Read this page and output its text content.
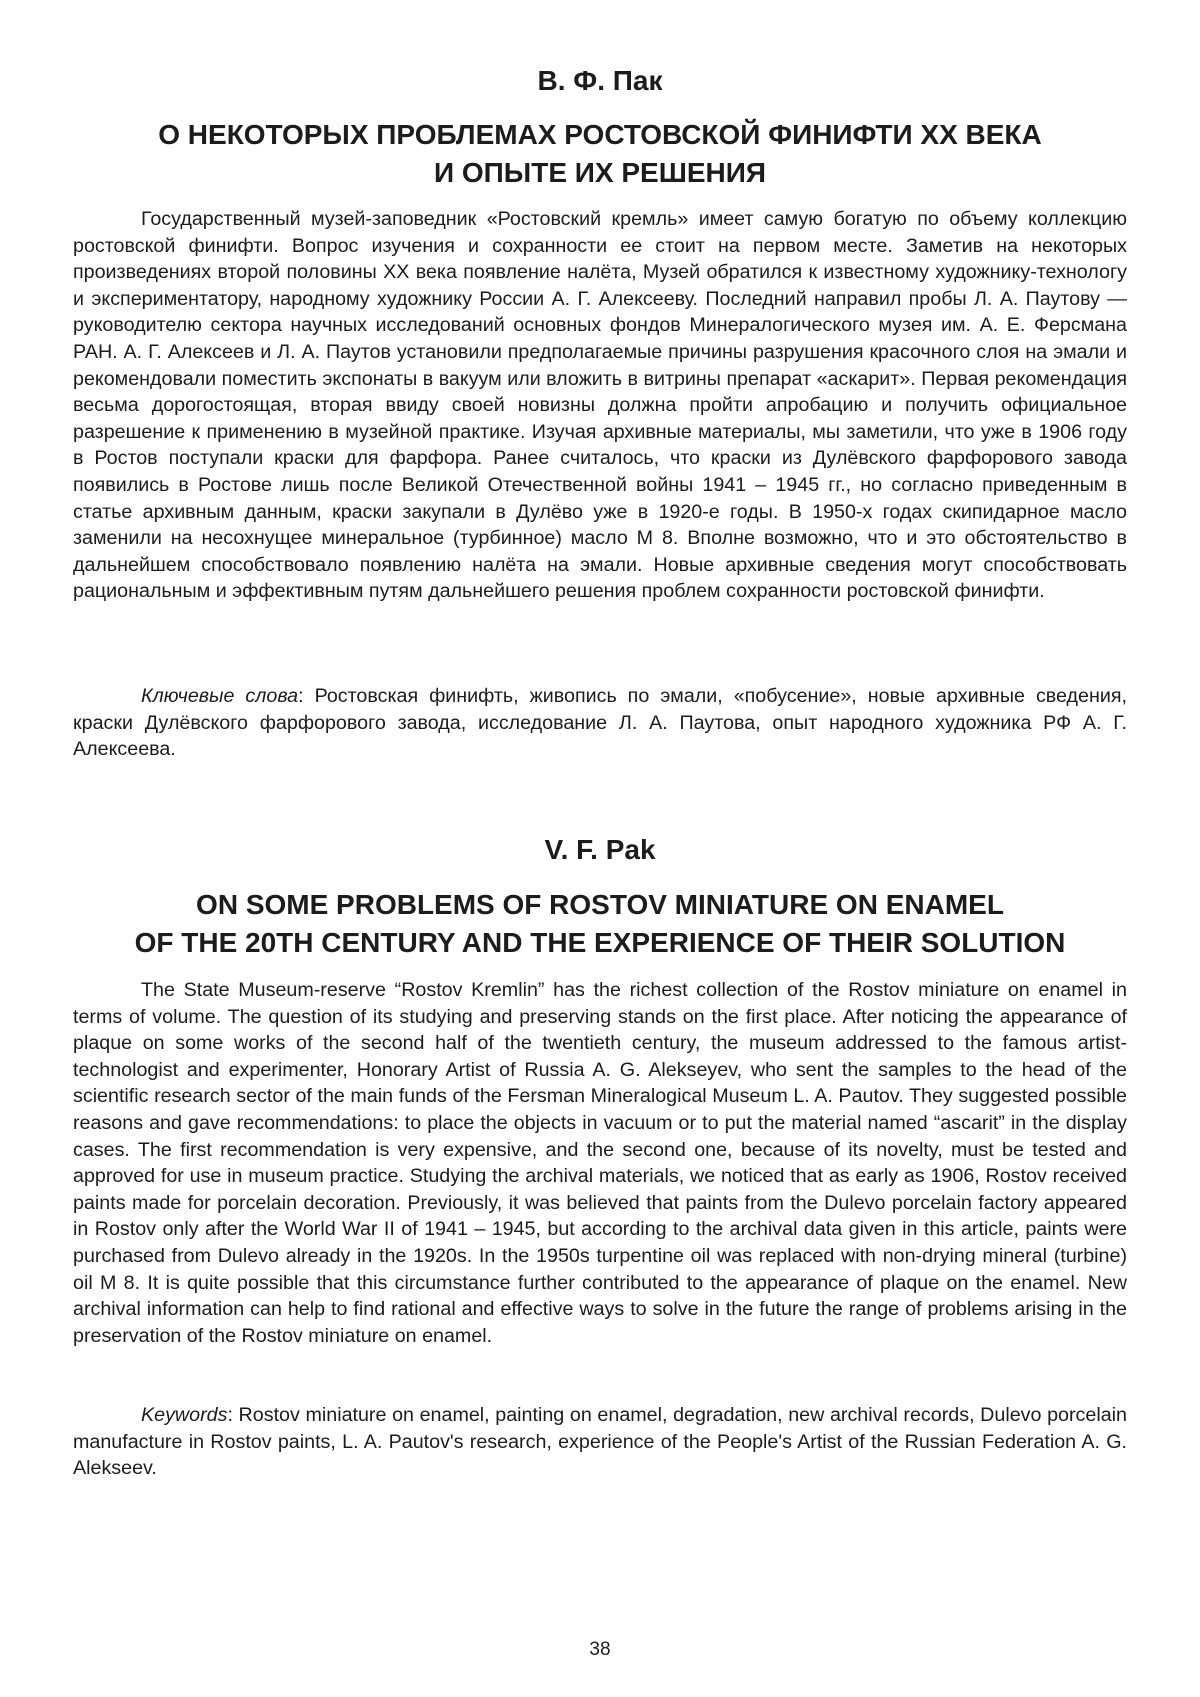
В. Ф. Пак
О НЕКОТОРЫХ ПРОБЛЕМАХ РОСТОВСКОЙ ФИНИФТИ XX ВЕКА
И ОПЫТЕ ИХ РЕШЕНИЯ

Государственный музей-заповедник «Ростовский кремль» имеет самую богатую по объему коллекцию ростовской финифти. Вопрос изучения и сохранности ее стоит на первом месте. Заметив на некоторых произведениях второй половины XX века появление налёта, Музей обратился к известному художнику-технологу и экспериментатору, народному художнику России А. Г. Алексееву. Последний направил пробы Л. А. Паутову — руководителю сектора научных исследований основных фондов Минералогического музея им. А. Е. Ферсмана РАН. А. Г. Алексеев и Л. А. Паутов установили предполагаемые причины разрушения красочного слоя на эмали и рекомендовали поместить экспонаты в вакуум или вложить в витрины препарат «аскарит». Первая рекомендация весьма дорогостоящая, вторая ввиду своей новизны должна пройти апробацию и получить официальное разрешение к применению в музейной практике. Изучая архивные материалы, мы заметили, что уже в 1906 году в Ростов поступали краски для фарфора. Ранее считалось, что краски из Дулёвского фарфорового завода появились в Ростове лишь после Великой Отечественной войны 1941 – 1945 гг., но согласно приведенным в статье архивным данным, краски закупали в Дулёво уже в 1920-е годы. В 1950-х годах скипидарное масло заменили на несохнущее минеральное (турбинное) масло М 8. Вполне возможно, что и это обстоятельство в дальнейшем способствовало появлению налёта на эмали. Новые архивные сведения могут способствовать рациональным и эффективным путям дальнейшего решения проблем сохранности ростовской финифти.

Ключевые слова: Ростовская финифть, живопись по эмали, «побусение», новые архивные сведения, краски Дулёвского фарфорового завода, исследование Л. А. Паутова, опыт народного художника РФ А. Г. Алексеева.

V. F. Pak
ON SOME PROBLEMS OF ROSTOV MINIATURE ON ENAMEL
OF THE 20TH CENTURY AND THE EXPERIENCE OF THEIR SOLUTION

The State Museum-reserve “Rostov Kremlin” has the richest collection of the Rostov miniature on enamel in terms of volume. The question of its studying and preserving stands on the first place. After noticing the appearance of plaque on some works of the second half of the twentieth century, the museum addressed to the famous artist-technologist and experimenter, Honorary Artist of Russia A. G. Alekseyev, who sent the samples to the head of the scientific research sector of the main funds of the Fersman Mineralogical Museum L. A. Pautov. They suggested possible reasons and gave recommendations: to place the objects in vacuum or to put the material named “ascarit” in the display cases. The first recommendation is very expensive, and the second one, because of its novelty, must be tested and approved for use in museum practice. Studying the archival materials, we noticed that as early as 1906, Rostov received paints made for porcelain decoration. Previously, it was believed that paints from the Dulevo porcelain factory appeared in Rostov only after the World War II of 1941 – 1945, but according to the archival data given in this article, paints were purchased from Dulevo already in the 1920s. In the 1950s turpentine oil was replaced with non-drying mineral (turbine) oil M 8. It is quite possible that this circumstance further contributed to the appearance of plaque on the enamel. New archival information can help to find rational and effective ways to solve in the future the range of problems arising in the preservation of the Rostov miniature on enamel.

Keywords: Rostov miniature on enamel, painting on enamel, degradation, new archival records, Dulevo porcelain manufacture in Rostov paints, L. A. Pautov's research, experience of the People's Artist of the Russian Federation A. G. Alekseev.

38
